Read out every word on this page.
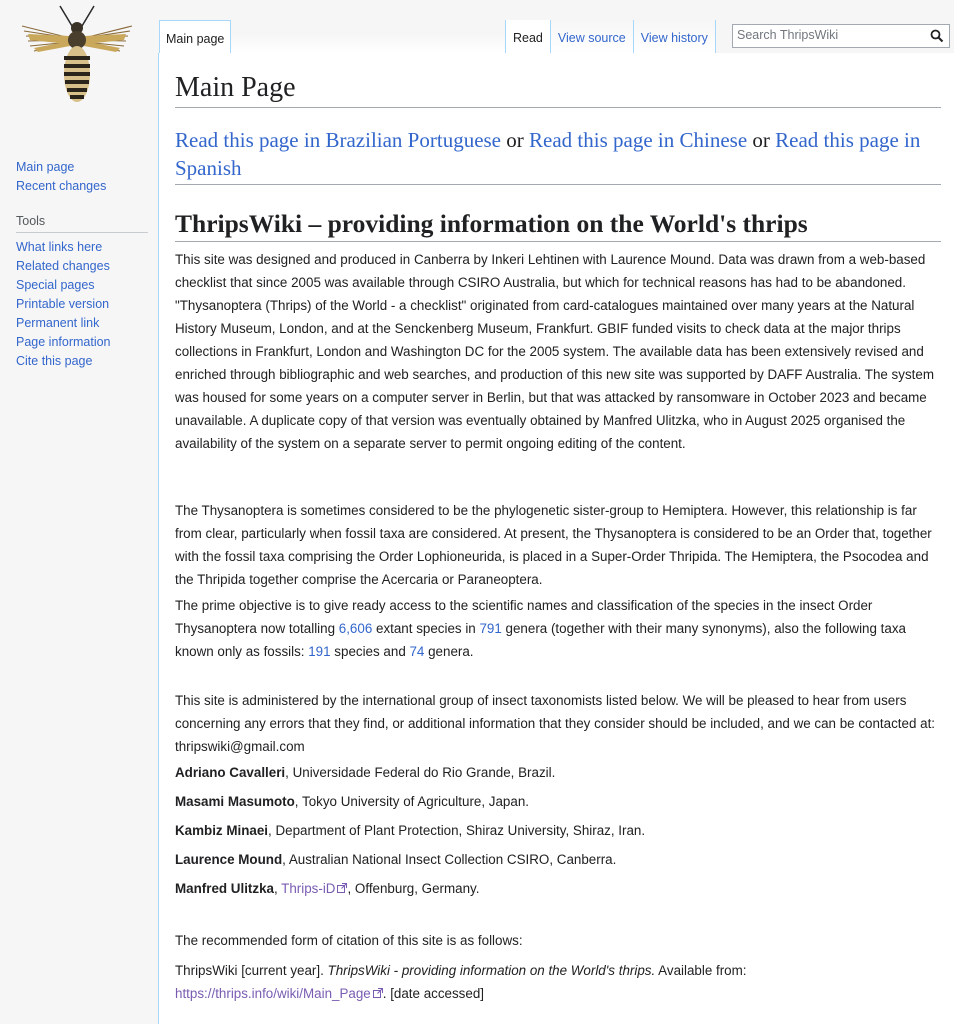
Main page
Recent changes
Tools
What links here
Related changes
Special pages
Printable version
Permanent link
Page information
Cite this page
Main page	Read	View source	View history
Search ThripsWiki
Main Page

Read this page in Brazilian Portuguese or Read this page in Chinese or Read this page in Spanish

ThripsWiki – providing information on the World's thrips

This site was designed and produced in Canberra by Inkeri Lehtinen with Laurence Mound. Data was drawn from a web-based checklist that since 2005 was available through CSIRO Australia, but which for technical reasons has had to be abandoned. "Thysanoptera (Thrips) of the World - a checklist" originated from card-catalogues maintained over many years at the Natural History Museum, London, and at the Senckenberg Museum, Frankfurt. GBIF funded visits to check data at the major thrips collections in Frankfurt, London and Washington DC for the 2005 system. The available data has been extensively revised and enriched through bibliographic and web searches, and production of this new site was supported by DAFF Australia. The system was housed for some years on a computer server in Berlin, but that was attacked by ransomware in October 2023 and became unavailable. A duplicate copy of that version was eventually obtained by Manfred Ulitzka, who in August 2025 organised the availability of the system on a separate server to permit ongoing editing of the content.

The Thysanoptera is sometimes considered to be the phylogenetic sister-group to Hemiptera. However, this relationship is far from clear, particularly when fossil taxa are considered. At present, the Thysanoptera is considered to be an Order that, together with the fossil taxa comprising the Order Lophioneurida, is placed in a Super-Order Thripida. The Hemiptera, the Psocodea and the Thripida together comprise the Acercaria or Paraneoptera.

The prime objective is to give ready access to the scientific names and classification of the species in the insect Order Thysanoptera now totalling 6,606 extant species in 791 genera (together with their many synonyms), also the following taxa known only as fossils: 191 species and 74 genera.

This site is administered by the international group of insect taxonomists listed below. We will be pleased to hear from users concerning any errors that they find, or additional information that they consider should be included, and we can be contacted at: thripswiki@gmail.com

Adriano Cavalleri, Universidade Federal do Rio Grande, Brazil.

Masami Masumoto, Tokyo University of Agriculture, Japan.

Kambiz Minaei, Department of Plant Protection, Shiraz University, Shiraz, Iran.

Laurence Mound, Australian National Insect Collection CSIRO, Canberra.

Manfred Ulitzka, Thrips-iD , Offenburg, Germany.

The recommended form of citation of this site is as follows:

ThripsWiki [current year]. ThripsWiki - providing information on the World's thrips. Available from:

https://thrips.info/wiki/Main_Page . [date accessed]
